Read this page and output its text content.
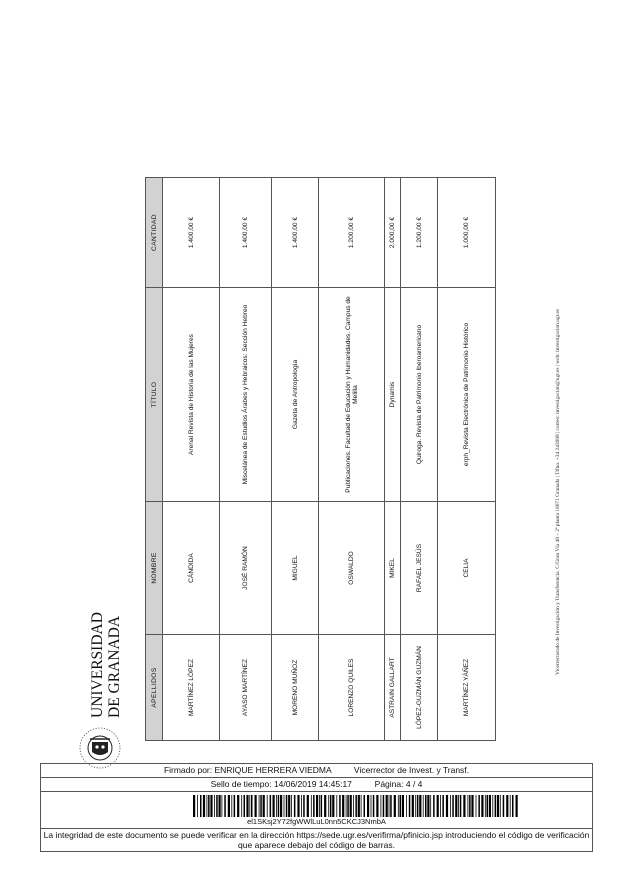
APELLIDOS	NOMBRE	TÍTULO	CANTIDAD
MARTÍNEZ LÓPEZ	CÁNDIDA	Arenal Revista de Historia de las Mujeres	1.400,00 €
AYASO MARTÍNEZ	JOSÉ RAMÓN	Miscelánea de Estudios Árabes y Hebraicos: Sección Hebreo	1.400,00 €
MORENO MUÑOZ	MIGUEL	Gazeta de Antropología	1.400,00 €
LORENZO QUILES	OSWALDO	Publicaciones. Facultad de Educación y Humanidades. Campus de Melilla	1.200,00 €
ASTRAIN GALLART	MIKEL	Dynamis	2.000,00 €
LÓPEZ-GUZMÁN GUZMÁN	RAFAEL JESÚS	Quiroga. Revista de Patrimonio Iberoamericano	1.200,00 €
MARTÍNEZ YÁÑEZ	CELIA	erph_Revista Electrónica de Patrimonio Histórico	1.000,00 €
UNIVERSIDAD DE GRANADA	Vicerrectorado de Investigación y Transferencia. C/Gran Vía 48 – 2ª planta 18071 Granada | Tlfno. +34 243008 | correo: investigacion@ugr.es | web: investigacion.ugr.es
Firmado por: ENRIQUE HERRERA VIEDMA	Vicerrector de Invest. y Transf.
Sello de tiempo: 14/06/2019 14:45:17	Página: 4 / 4
el1SKsj2Y72fgWWlLuL0nn5CKCJ3NmbA
La integridad de este documento se puede verificar en la dirección https://sede.ugr.es/verifirma/pfinicio.jsp introduciendo el código de verificación que aparece debajo del código de barras.
